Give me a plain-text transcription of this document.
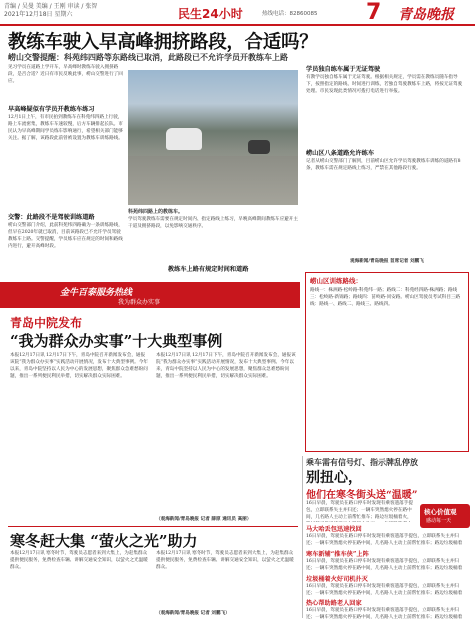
青编 / 吴曼 美编 / 王刚 审读 / 张智
2021年12月18日 星期六	民生24小时	热线电话：82860085 7 青岛晚报
教练车驶入早高峰拥挤路段，合适吗？
崂山交警提醒：科苑纬四路等东路线已取消，此路段已不允许学员开教练车上路
见习学员在道路上学开车，早高峰时教练车驶入拥挤路段，是否合适？近日有市民反映此事，崂山交警进行了回应。
早高峰疑似有学员开教练车练习
12月1日上午，有市民拍到教练车在科苑纬四路上行驶，路上车流密集，教练车车速较慢，后方车辆排起长队。市民认为早高峰期间学员练车影响通行，希望相关部门能够关注。据了解，该路段此前曾被设置为教练车训练路线。
交警：此路段不是驾驶训练道路
崂山交警部门介绍，此前科苑纬四路确为一条训练路线，但早在2020年就已取消，目前该路段已不允许学员驾驶教练车上路。交警提醒，学员练车应在规定的时间和路线内进行，避开高峰时段。
科苑纬四路上的教练车。
学员驾驶教练车需要在规定时间内、指定路线上练习，早晚高峰期间教练车应避开主干道及拥挤路段，以免影响交通秩序。
教练车上路有规定时间和道路
学员独自练车属于无证驾驶
有教学员独自练车属于无证驾驶。根据相关规定，学员需在教练员随车指导下，按照指定的路线、时间进行训练，若独自驾驶教练车上路，将按无证驾驶处理。市民发现此类情况可拨打电话进行举报。
崂山区八条道路允许练车
记者从崂山交警部门了解到，目前崂山区允许学员驾驶教练车训练的道路有8条，教练车需在规定路线上练习，严禁在其他路段行驶。
观海新闻/青岛晚报 首席记者 刘鹏飞
崂山区训练路线：
路线一：株洲路-松岭路-科苑纬一路；路线二：科苑经四路-株洲路；路线三：松岭路-新锦路；路线四：苗岭路-同安路。崂山区驾驶员考试科目三路线：路线一、路线二、路线三、路线四。
金牛百泰服务热线
我为群众办实事
青岛中院发布
“我为群众办实事”十大典型事例
本报12月17日讯 12月17日下午，青岛中院召开新闻发布会，通报该院“我为群众办实事”实践活动开展情况，发布十大典型事例。今年以来，青岛中院坚持以人民为中心的发展思想，聚焦群众急难愁盼问题，推出一系列便民利民举措，切实解决群众实际困难。
本报12月17日讯 12月17日下午，青岛中院召开新闻发布会，通报该院“我为群众办实事”实践活动开展情况，发布十大典型事例。今年以来，青岛中院坚持以人民为中心的发展思想，聚焦群众急难愁盼问题，推出一系列便民利民举措，切实解决群众实际困难。
（观海新闻/青岛晚报 记者 薛原 通讯员 高丽）
寒冬赶大集 “萤火之光”助力
本报12月17日讯 寒冬时节，驾驶员志愿者来到大集上，为赶集群众提供便民服务，免费检查车辆、讲解交通安全知识，以萤火之光温暖群众。
本报12月17日讯 寒冬时节，驾驶员志愿者来到大集上，为赶集群众提供便民服务，免费检查车辆、讲解交通安全知识，以萤火之光温暖群众。
（观海新闻/青岛晚报 记者 刘鹏飞）
乘车需有信号灯、指示牌乱停放
别扭心，
他们在寒冬街头送“温暖”
核心价值观
感动每一天
16日早晨，驾驶员在路口停车时发现有乘客遗落手提包，立即联系失主并归还；一辆车突然熄火停在路中间，几名路人主动上前帮忙推车；路边垃圾桶着火，
马大哈丢包迅速找回
16日早晨，驾驶员在路口停车时发现有乘客遗落手提包，立即联系失主并归还；一辆车突然熄火停在路中间，几名路人主动上前帮忙推车；路边垃圾桶着
寒车新辅“推车侠”上阵
16日早晨，驾驶员在路口停车时发现有乘客遗落手提包，立即联系失主并归还；一辆车突然熄火停在路中间，几名路人主动上前帮忙推车；路边垃圾桶着
垃圾桶着火好司机扑灭
16日早晨，驾驶员在路口停车时发现有乘客遗落手提包，立即联系失主并归还；一辆车突然熄火停在路中间，几名路人主动上前帮忙推车；路边垃圾桶着
热心帮助路老人回家
16日早晨，驾驶员在路口停车时发现有乘客遗落手提包，立即联系失主并归还；一辆车突然熄火停在路中间，几名路人主动上前帮忙推车；路边垃圾桶着
